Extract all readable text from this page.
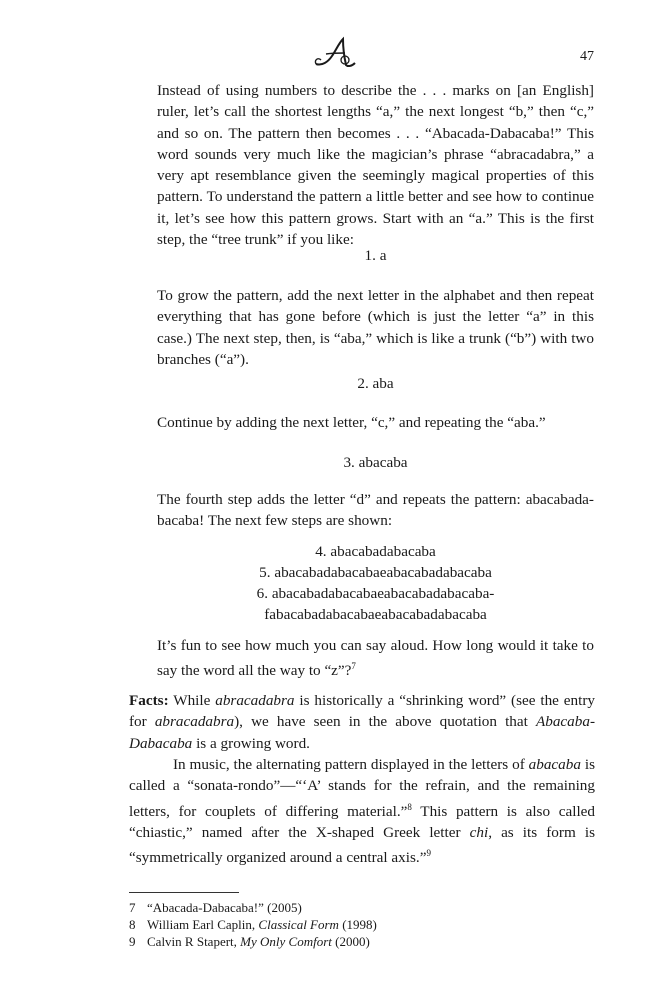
47

Instead of using numbers to describe the . . . marks on [an English] ruler, let’s call the shortest lengths “a,” the next longest “b,” then “c,” and so on. The pattern then becomes . . . “Abacada-Dabacaba!” This word sounds very much like the magician’s phrase “abracadabra,” a very apt resemblance given the seemingly magical properties of this pattern. To understand the pattern a little better and see how to continue it, let’s see how this pattern grows. Start with an “a.” This is the first step, the “tree trunk” if you like:

1. a

To grow the pattern, add the next letter in the alphabet and then repeat everything that has gone before (which is just the letter “a” in this case.) The next step, then, is “aba,” which is like a trunk (“b”) with two branches (“a”).

2. aba

Continue by adding the next letter, “c,” and repeating the “aba.”

3. abacaba

The fourth step adds the letter “d” and repeats the pattern: abacabada-bacaba! The next few steps are shown:

4. abacabadabacaba

5. abacabadabacabaeabacabadabacaba

6. abacabadabacabaeabacabadabacaba-

fabacabadabacabaeabacabadabacaba

It’s fun to see how much you can say aloud. How long would it take to say the word all the way to “z”?$^7$

Facts: While abracadabra is historically a “shrinking word” (see the entry for abracadabra), we have seen in the above quotation that Abacaba-Dabacaba is a growing word.

In music, the alternating pattern displayed in the letters of abacaba is called a “sonata-rondo”—“‘A’ stands for the refrain, and the remaining letters, for couplets of differing material.”$^8$ This pattern is also called “chiastic,” named after the X-shaped Greek letter chi, as its form is “symmetrically organized around a central axis.”$^9$

7 “Abacada-Dabacaba!” (2005)
8 William Earl Caplin, Classical Form (1998)
9 Calvin R Stapert, My Only Comfort (2000)
